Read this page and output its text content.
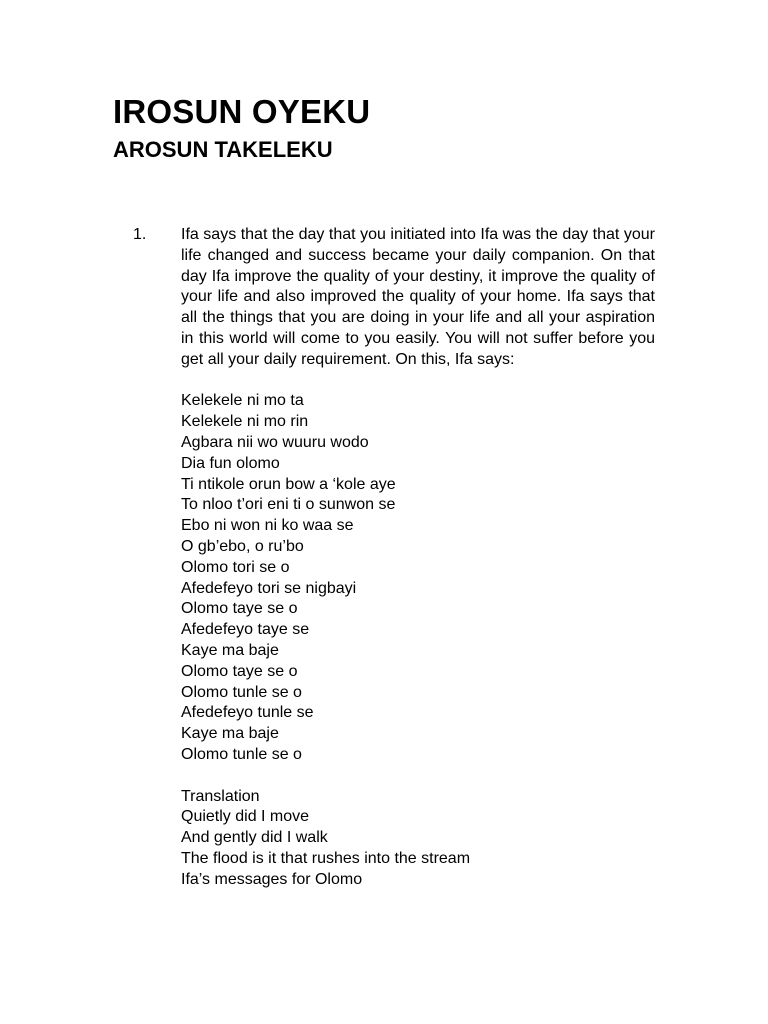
IROSUN OYEKU
AROSUN TAKELEKU
1. Ifa says that the day that you initiated into Ifa was the day that your life changed and success became your daily companion. On that day Ifa improve the quality of your destiny, it improve the quality of your life and also improved the quality of your home. Ifa says that all the things that you are doing in your life and all your aspiration in this world will come to you easily. You will not suffer before you get all your daily requirement. On this, Ifa says:

Kelekele ni mo ta
Kelekele ni mo rin
Agbara nii wo wuuru wodo
Dia fun olomo
Ti ntikole orun bow a ‘kole aye
To nloo t’ori eni ti o sunwon se
Ebo ni won ni ko waa se
O gb’ebo, o ru’bo
Olomo tori se o
Afedefeyo tori se nigbayi
Olomo taye se o
Afedefeyo taye se
Kaye ma baje
Olomo taye se o
Olomo tunle se o
Afedefeyo tunle se
Kaye ma baje
Olomo tunle se o
Translation
Quietly did I move
And gently did I walk
The flood is it that rushes into the stream
Ifa’s messages for Olomo
